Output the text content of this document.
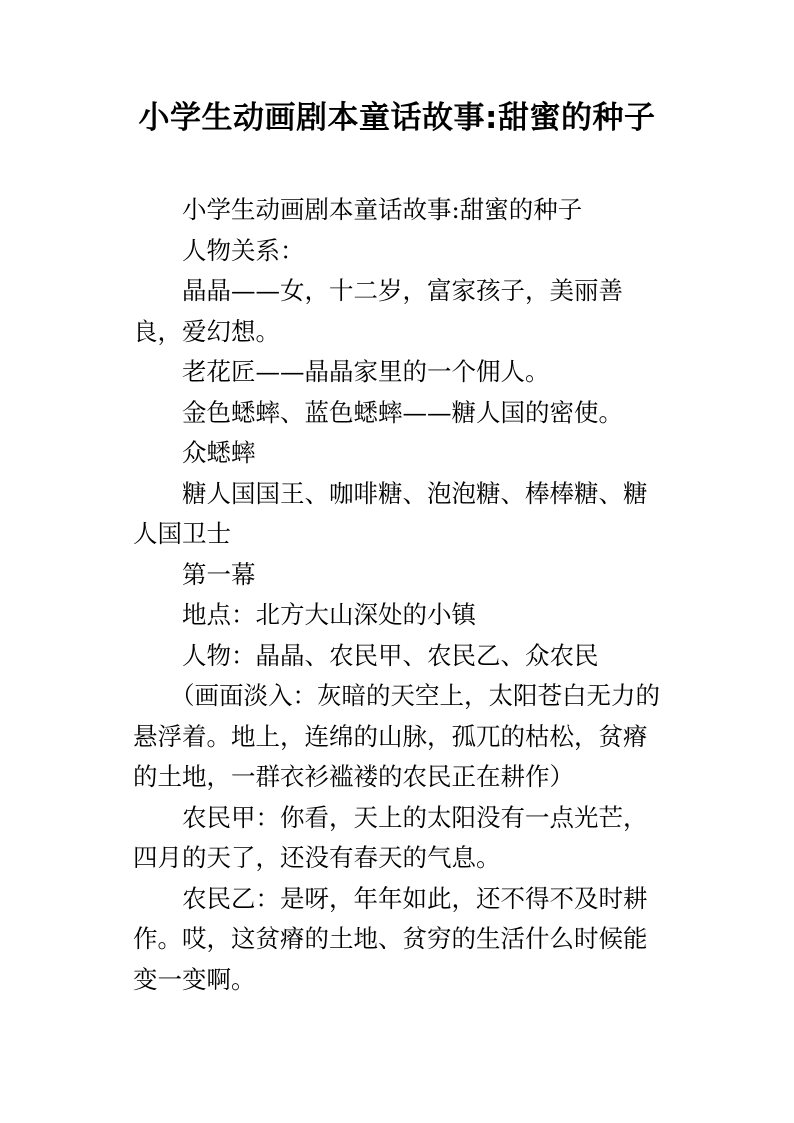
小学生动画剧本童话故事:甜蜜的种子

小学生动画剧本童话故事:甜蜜的种子

人物关系：

晶晶——女，十二岁，富家孩子，美丽善良，爱幻想。

老花匠——晶晶家里的一个佣人。

金色蟋蟀、蓝色蟋蟀——糖人国的密使。

众蟋蟀

糖人国国王、咖啡糖、泡泡糖、棒棒糖、糖人国卫士

第一幕

地点：北方大山深处的小镇

人物：晶晶、农民甲、农民乙、众农民

（画面淡入：灰暗的天空上，太阳苍白无力的悬浮着。地上，连绵的山脉，孤兀的枯松，贫瘠的土地，一群衣衫褴褛的农民正在耕作）

农民甲：你看，天上的太阳没有一点光芒，四月的天了，还没有春天的气息。

农民乙：是呀，年年如此，还不得不及时耕作。哎，这贫瘠的土地、贫穷的生活什么时候能变一变啊。
